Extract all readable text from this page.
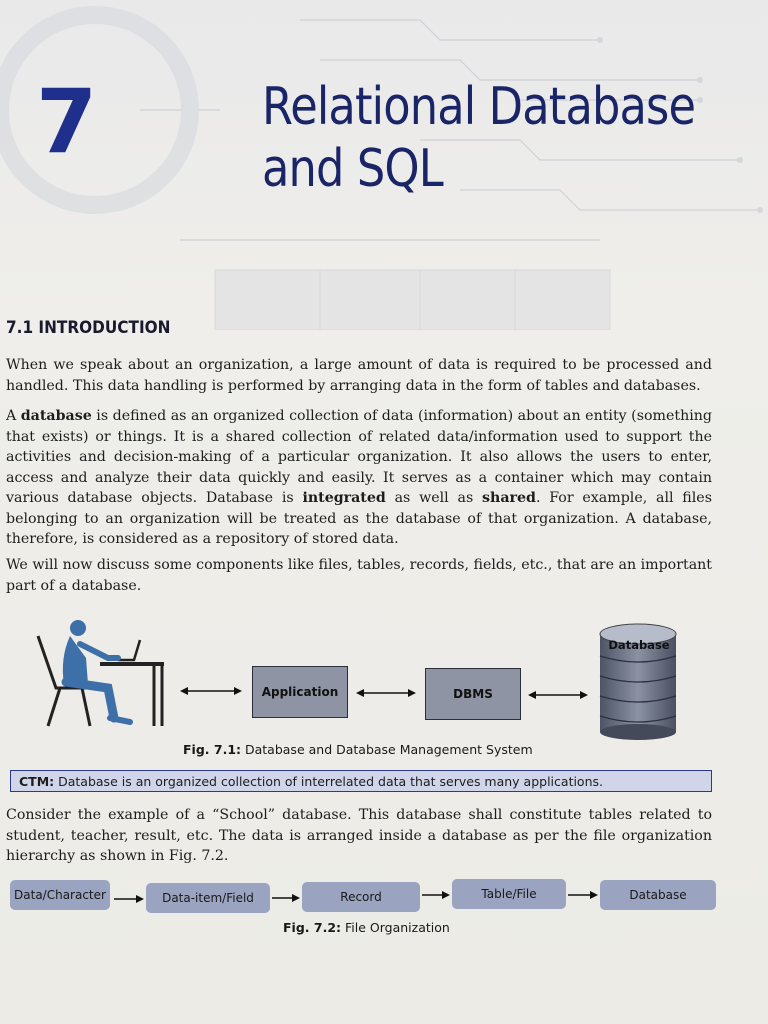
7	Relational Database
and SQL
7.1 INTRODUCTION

When we speak about an organization, a large amount of data is required to be processed and handled. This data handling is performed by arranging data in the form of tables and databases.

A database is defined as an organized collection of data (information) about an entity (something that exists) or things. It is a shared collection of related data/information used to support the activities and decision-making of a particular organization. It also allows the users to enter, access and analyze their data quickly and easily. It serves as a container which may contain various database objects. Database is integrated as well as shared. For example, all files belonging to an organization will be treated as the database of that organization. A database, therefore, is considered as a repository of stored data.

We will now discuss some components like files, tables, records, fields, etc., that are an important part of a database.

Application	DBMS
Database
Fig. 7.1: Database and Database Management System
CTM: Database is an organized collection of interrelated data that serves many applications.

Consider the example of a “School” database. This database shall constitute tables related to student, teacher, result, etc. The data is arranged inside a database as per the file organization hierarchy as shown in Fig. 7.2.

Data/Character	Data-item/Field	Record	Table/File	Database
Fig. 7.2: File Organization
